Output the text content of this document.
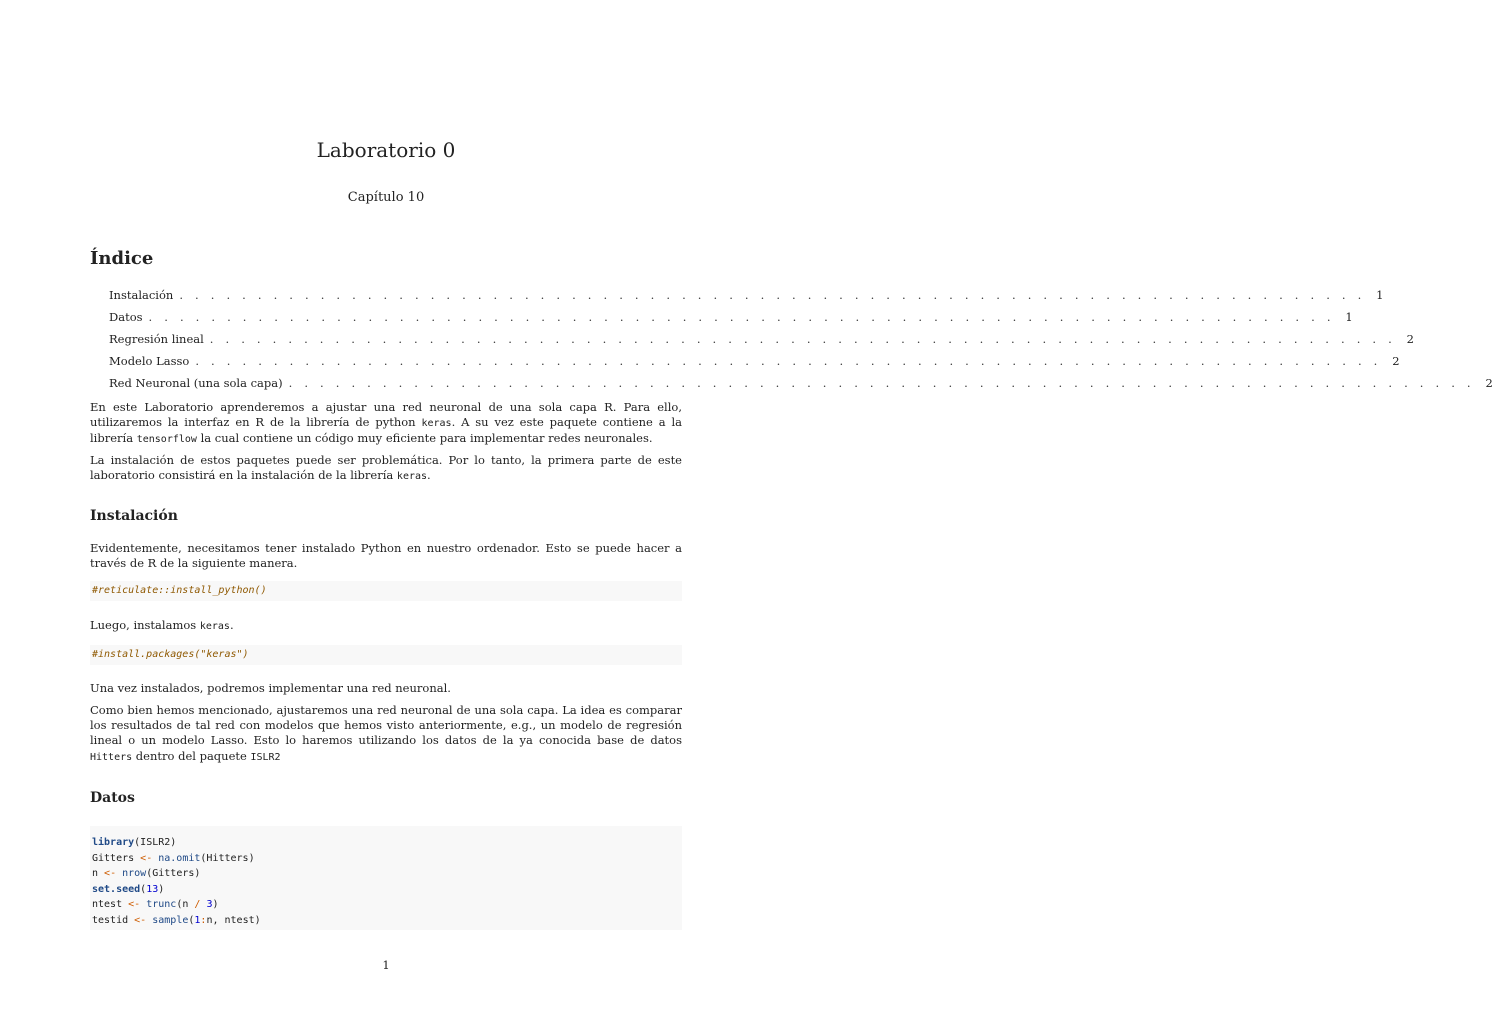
Laboratorio 0
Capítulo 10
Índice
Instalación . . . . . . . . . . . . . . . . . . . . . . . . . . . . . . . . . . . . . . . . . . . . . . . . . . . . . . . . . . . . . . . . . . . . . . . . . . . . 1
Datos . . . . . . . . . . . . . . . . . . . . . . . . . . . . . . . . . . . . . . . . . . . . . . . . . . . . . . . . . . . . . . . . . . . . . . . . . . . . 1
Regresión lineal . . . . . . . . . . . . . . . . . . . . . . . . . . . . . . . . . . . . . . . . . . . . . . . . . . . . . . . . . . . . . . . . . . . . . . . . . . . . 2
Modelo Lasso . . . . . . . . . . . . . . . . . . . . . . . . . . . . . . . . . . . . . . . . . . . . . . . . . . . . . . . . . . . . . . . . . . . . . . . . . . . . 2
Red Neuronal (una sola capa) . . . . . . . . . . . . . . . . . . . . . . . . . . . . . . . . . . . . . . . . . . . . . . . . . . . . . . . . . . . . . . . . . . . . . . . . . . . . 2

En este Laboratorio aprenderemos a ajustar una red neuronal de una sola capa R. Para ello, utilizaremos la interfaz en R de la librería de python keras. A su vez este paquete contiene a la librería tensorflow la cual contiene un código muy eficiente para implementar redes neuronales.

La instalación de estos paquetes puede ser problemática. Por lo tanto, la primera parte de este laboratorio consistirá en la instalación de la librería keras.

Instalación

Evidentemente, necesitamos tener instalado Python en nuestro ordenador. Esto se puede hacer a través de R de la siguiente manera.

#reticulate::install_python()

Luego, instalamos keras.

#install.packages("keras")

Una vez instalados, podremos implementar una red neuronal.

Como bien hemos mencionado, ajustaremos una red neuronal de una sola capa. La idea es comparar los resultados de tal red con modelos que hemos visto anteriormente, e.g., un modelo de regresión lineal o un modelo Lasso. Esto lo haremos utilizando los datos de la ya conocida base de datos Hitters dentro del paquete ISLR2

Datos
library(ISLR2)
Gitters <- na.omit(Hitters)
n <- nrow(Gitters)
set.seed(13)
ntest <- trunc(n / 3)
testid <- sample(1:n, ntest)
1
